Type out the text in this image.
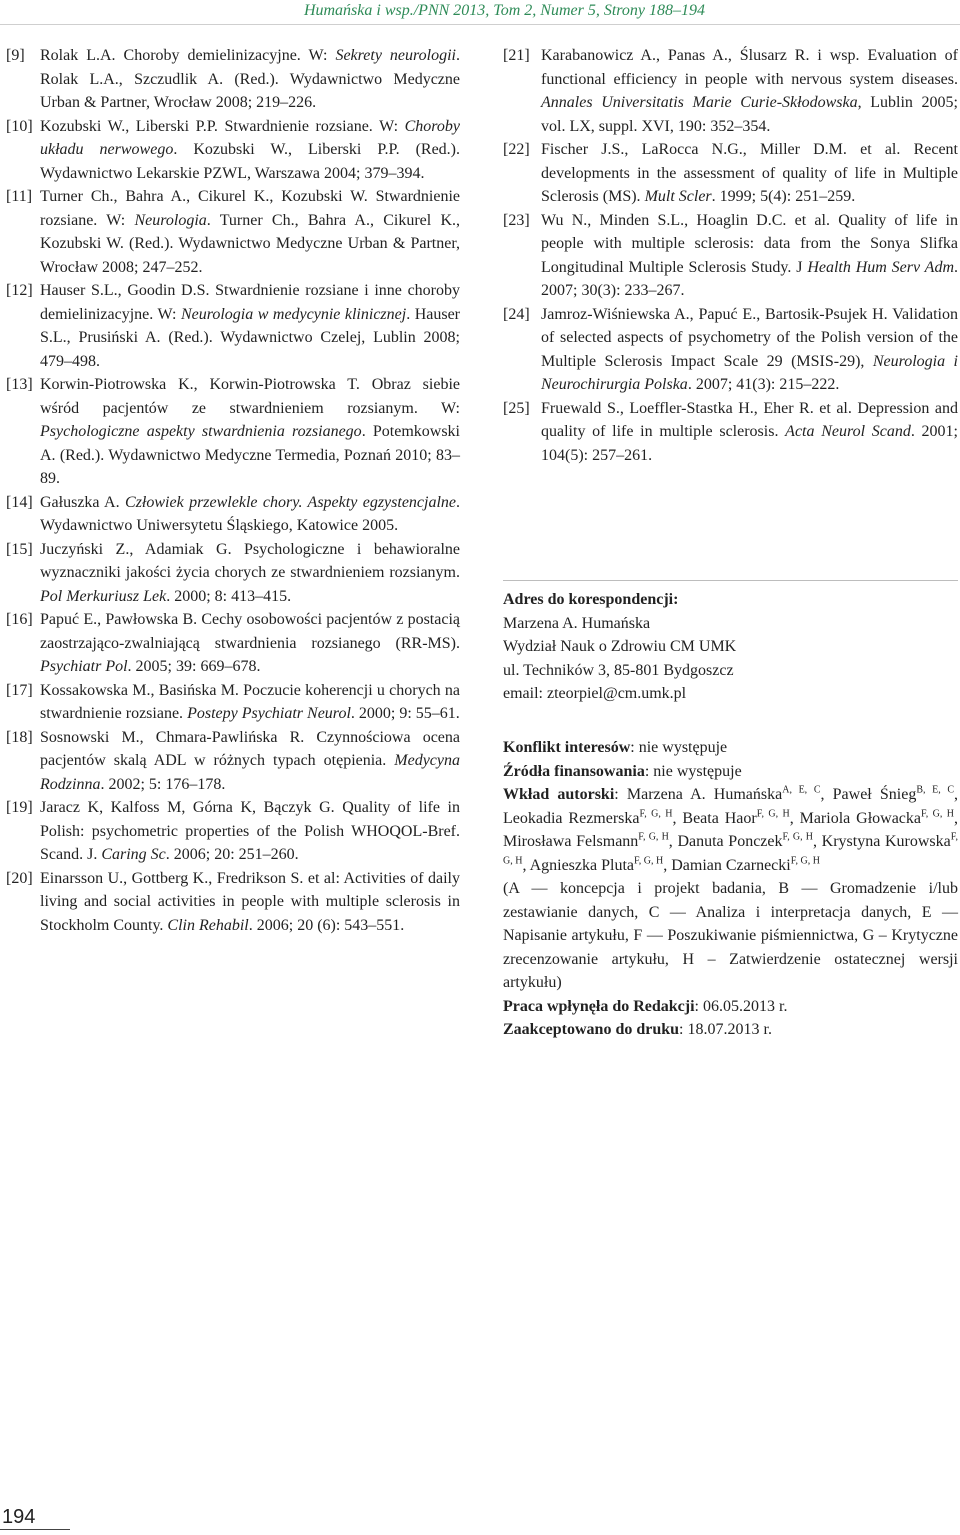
Humańska i wsp./PNN 2013, Tom 2, Numer 5, Strony 188–194
[9] Rolak L.A. Choroby demielinizacyjne. W: Sekrety neurologii. Rolak L.A., Szczudlik A. (Red.). Wydawnictwo Medyczne Urban & Partner, Wrocław 2008; 219–226.
[10] Kozubski W., Liberski P.P. Stwardnienie rozsiane. W: Choroby układu nerwowego. Kozubski W., Liberski P.P. (Red.). Wydawnictwo Lekarskie PZWL, Warszawa 2004; 379–394.
[11] Turner Ch., Bahra A., Cikurel K., Kozubski W. Stwardnienie rozsiane. W: Neurologia. Turner Ch., Bahra A., Cikurel K., Kozubski W. (Red.). Wydawnictwo Medyczne Urban & Partner, Wrocław 2008; 247–252.
[12] Hauser S.L., Goodin D.S. Stwardnienie rozsiane i inne choroby demielinizacyjne. W: Neurologia w medycynie klinicznej. Hauser S.L., Prusiński A. (Red.). Wydawnictwo Czelej, Lublin 2008; 479–498.
[13] Korwin-Piotrowska K., Korwin-Piotrowska T. Obraz siebie wśród pacjentów ze stwardnieniem rozsianym. W: Psychologiczne aspekty stwardnienia rozsianego. Potemkowski A. (Red.). Wydawnictwo Medyczne Termedia, Poznań 2010; 83–89.
[14] Gałuszka A. Człowiek przewlekle chory. Aspekty egzystencjalne. Wydawnictwo Uniwersytetu Śląskiego, Katowice 2005.
[15] Juczyński Z., Adamiak G. Psychologiczne i behawioralne wyznaczniki jakości życia chorych ze stwardnieniem rozsianym. Pol Merkuriusz Lek. 2000; 8: 413–415.
[16] Papuć E., Pawłowska B. Cechy osobowości pacjentów z postacią zaostrzająco-zwalniającą stwardnienia rozsianego (RR-MS). Psychiatr Pol. 2005; 39: 669–678.
[17] Kossakowska M., Basińska M. Poczucie koherencji u chorych na stwardnienie rozsiane. Postepy Psychiatr Neurol. 2000; 9: 55–61.
[18] Sosnowski M., Chmara-Pawlińska R. Czynnościowa ocena pacjentów skalą ADL w różnych typach otępienia. Medycyna Rodzinna. 2002; 5: 176–178.
[19] Jaracz K, Kalfoss M, Górna K, Bączyk G. Quality of life in Polish: psychometric properties of the Polish WHOQOL-Bref. Scand. J. Caring Sc. 2006; 20: 251–260.
[20] Einarsson U., Gottberg K., Fredrikson S. et al: Activities of daily living and social activities in people with multiple sclerosis in Stockholm County. Clin Rehabil. 2006; 20 (6): 543–551.
[21] Karabanowicz A., Panas A., Ślusarz R. i wsp. Evaluation of functional efficiency in people with nervous system diseases. Annales Universitatis Marie Curie-Skłodowska, Lublin 2005; vol. LX, suppl. XVI, 190: 352–354.
[22] Fischer J.S., LaRocca N.G., Miller D.M. et al. Recent developments in the assessment of quality of life in Multiple Sclerosis (MS). Mult Scler. 1999; 5(4): 251–259.
[23] Wu N., Minden S.L., Hoaglin D.C. et al. Quality of life in people with multiple sclerosis: data from the Sonya Slifka Longitudinal Multiple Sclerosis Study. J Health Hum Serv Adm. 2007; 30(3): 233–267.
[24] Jamroz-Wiśniewska A., Papuć E., Bartosik-Psujek H. Validation of selected aspects of psychometry of the Polish version of the Multiple Sclerosis Impact Scale 29 (MSIS-29), Neurologia i Neurochirurgia Polska. 2007; 41(3): 215–222.
[25] Fruewald S., Loeffler-Stastka H., Eher R. et al. Depression and quality of life in multiple sclerosis. Acta Neurol Scand. 2001; 104(5): 257–261.
Adres do korespondencji:
Marzena A. Humańska
Wydział Nauk o Zdrowiu CM UMK
ul. Techników 3, 85-801 Bydgoszcz
email: zteorpiel@cm.umk.pl
Konflikt interesów: nie występuje
Źródła finansowania: nie występuje
Wkład autorski: Marzena A. Humańska$^{A, E, C}$, Paweł Śnieg$^{B, E, C}$, Leokadia Rezmerska$^{F, G, H}$, Beata Haor$^{F, G, H}$, Mariola Głowacka$^{F, G, H}$, Mirosława Felsmann$^{F, G, H}$, Danuta Ponczek$^{F, G, H}$, Krystyna Kurowska$^{F, G, H}$, Agnieszka Pluta$^{F, G, H}$, Damian Czarnecki$^{F, G, H}$
(A — koncepcja i projekt badania, B — Gromadzenie i/lub zestawianie danych, C — Analiza i interpretacja danych, E — Napisanie artykułu, F — Poszukiwanie piśmiennictwa, G – Krytyczne zrecenzowanie artykułu, H – Zatwierdzenie ostatecznej wersji artykułu)
Praca wpłynęła do Redakcji: 06.05.2013 r.
Zaakceptowano do druku: 18.07.2013 r.
194
